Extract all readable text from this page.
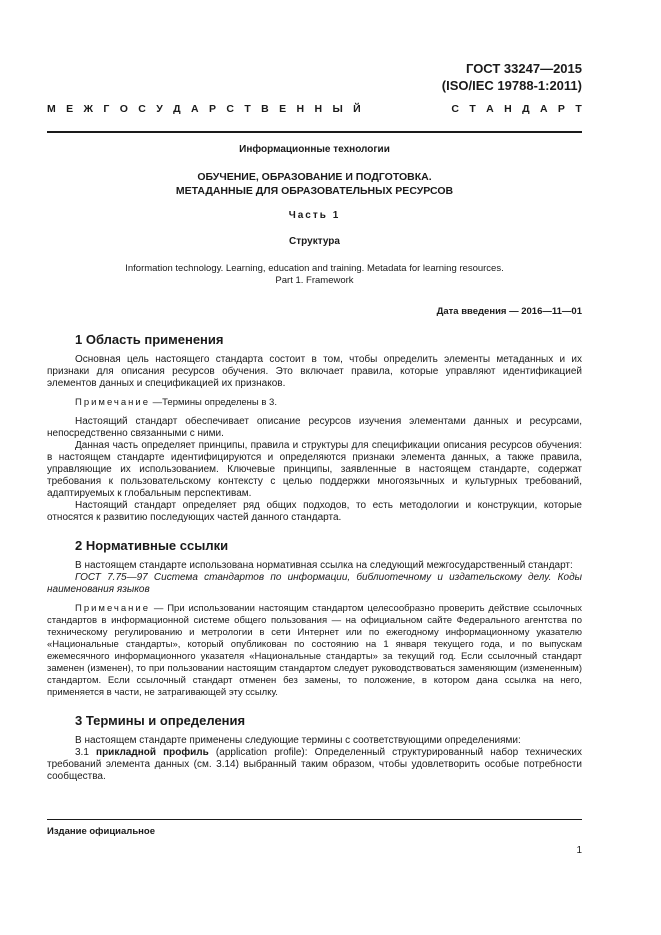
ГОСТ 33247—2015
(ISO/IEC 19788-1:2011)
М Е Ж Г О С У Д А Р С Т В Е Н Н Ы Й	С Т А Н Д А Р Т
Информационные технологии
ОБУЧЕНИЕ, ОБРАЗОВАНИЕ И ПОДГОТОВКА.
МЕТАДАННЫЕ ДЛЯ ОБРАЗОВАТЕЛЬНЫХ РЕСУРСОВ
Часть 1
Структура
Information technology. Learning, education and training. Metadata for learning resources.
Part 1. Framework
Дата введения — 2016—11—01
1 Область применения

Основная цель настоящего стандарта состоит в том, чтобы определить элементы метаданных и их признаки для описания ресурсов обучения. Это включает правила, которые управляют идентификацией элементов данных и спецификацией их признаков.

Примечание —Термины определены в 3.

Настоящий стандарт обеспечивает описание ресурсов изучения элементами данных и ресурсами, непосредственно связанными с ними.

Данная часть определяет принципы, правила и структуры для спецификации описания ресурсов обучения: в настоящем стандарте идентифицируются и определяются признаки элемента данных, а также правила, управляющие их использованием. Ключевые принципы, заявленные в настоящем стандарте, содержат требования к пользовательскому контексту с целью поддержки многоязычных и культурных требований, адаптируемых к глобальным перспективам.

Настоящий стандарт определяет ряд общих подходов, то есть методологии и конструкции, которые относятся к развитию последующих частей данного стандарта.

2 Нормативные ссылки

В настоящем стандарте использована нормативная ссылка на следующий межгосударственный стандарт:

ГОСТ 7.75—97 Система стандартов по информации, библиотечному и издательскому делу. Коды наименования языков

Примечание — При использовании настоящим стандартом целесообразно проверить действие ссылочных стандартов в информационной системе общего пользования — на официальном сайте Федерального агентства по техническому регулированию и метрологии в сети Интернет или по ежегодному информационному указателю «Национальные стандарты», который опубликован по состоянию на 1 января текущего года, и по выпускам ежемесячного информационного указателя «Национальные стандарты» за текущий год. Если ссылочный стандарт заменен (изменен), то при пользовании настоящим стандартом следует руководствоваться заменяющим (измененным) стандартом. Если ссылочный стандарт отменен без замены, то положение, в котором дана ссылка на него, применяется в части, не затрагивающей эту ссылку.

3 Термины и определения

В настоящем стандарте применены следующие термины с соответствующими определениями:

3.1 прикладной профиль (application profile): Определенный структурированный набор технических требований элемента данных (см. 3.14) выбранный таким образом, чтобы удовлетворить особые потребности сообщества.

Издание официальное
1
